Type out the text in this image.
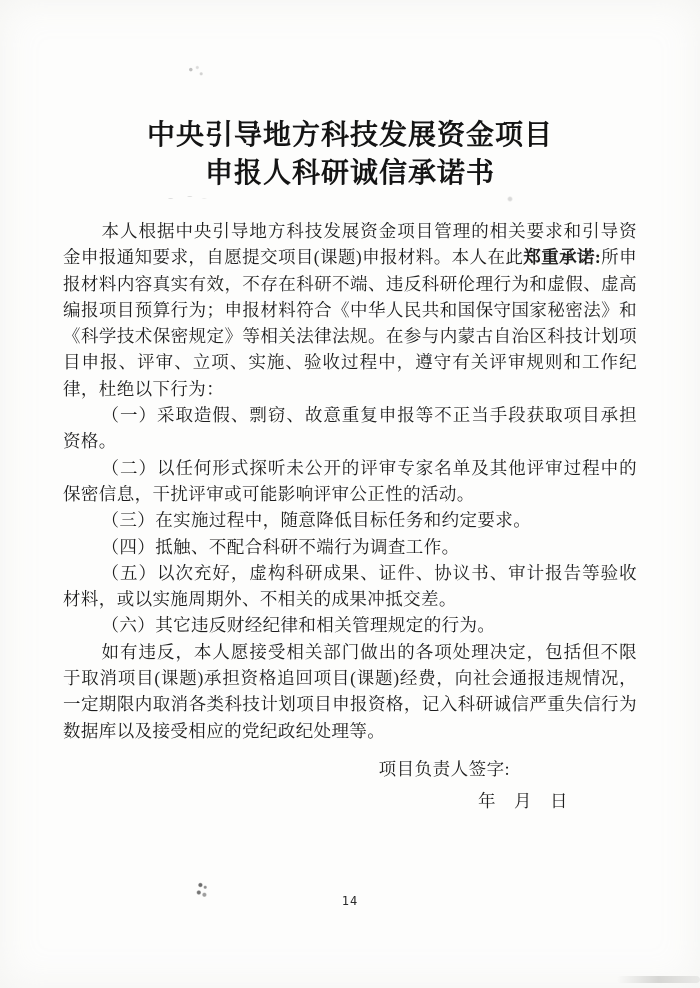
中央引导地方科技发展资金项目
申报人科研诚信承诺书

本人根据中央引导地方科技发展资金项目管理的相关要求和引导资金申报通知要求，自愿提交项目(课题)申报材料。本人在此郑重承诺:所申报材料内容真实有效，不存在科研不端、违反科研伦理行为和虚假、虚高编报项目预算行为；申报材料符合《中华人民共和国保守国家秘密法》和《科学技术保密规定》等相关法律法规。在参与内蒙古自治区科技计划项目申报、评审、立项、实施、验收过程中，遵守有关评审规则和工作纪律，杜绝以下行为：

（一）采取造假、剽窃、故意重复申报等不正当手段获取项目承担资格。

（二）以任何形式探听未公开的评审专家名单及其他评审过程中的保密信息，干扰评审或可能影响评审公正性的活动。

（三）在实施过程中，随意降低目标任务和约定要求。

（四）抵触、不配合科研不端行为调查工作。

（五）以次充好，虚构科研成果、证件、协议书、审计报告等验收材料，或以实施周期外、不相关的成果冲抵交差。

（六）其它违反财经纪律和相关管理规定的行为。

如有违反，本人愿接受相关部门做出的各项处理决定，包括但不限于取消项目(课题)承担资格追回项目(课题)经费，向社会通报违规情况，一定期限内取消各类科技计划项目申报资格，记入科研诚信严重失信行为数据库以及接受相应的党纪政纪处理等。

项目负责人签字:
年　月　日
14
